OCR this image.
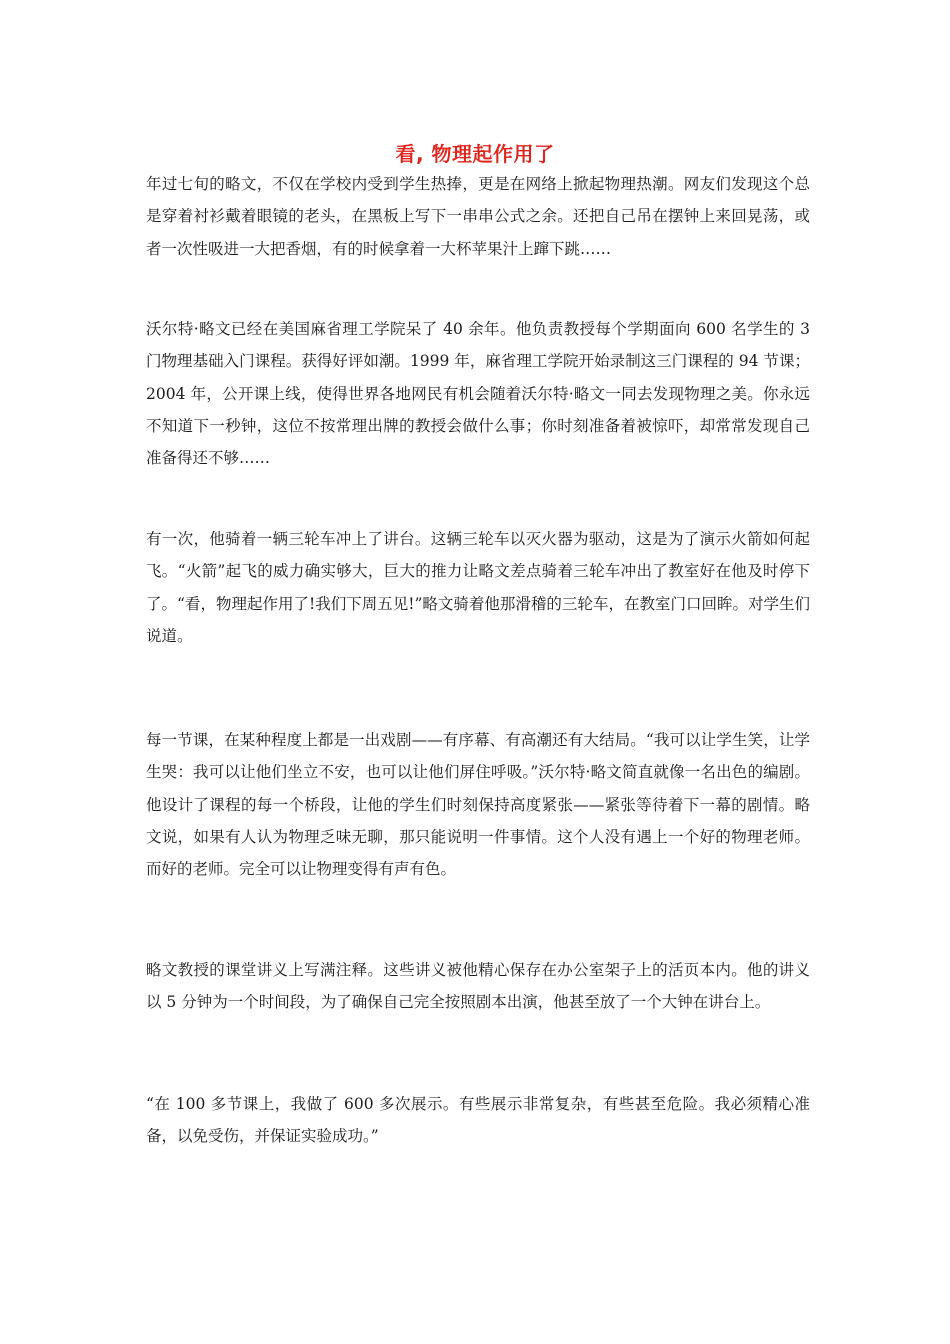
看, 物理起作用了

年过七旬的略文，不仅在学校内受到学生热捧，更是在网络上掀起物理热潮。网友们发现这个总是穿着衬衫戴着眼镜的老头，在黑板上写下一串串公式之余。还把自己吊在摆钟上来回晃荡，或者一次性吸进一大把香烟，有的时候拿着一大杯苹果汁上蹿下跳……

沃尔特·略文已经在美国麻省理工学院呆了 40 余年。他负责教授每个学期面向 600 名学生的 3 门物理基础入门课程。获得好评如潮。1999 年，麻省理工学院开始录制这三门课程的 94 节课；2004 年，公开课上线，使得世界各地网民有机会随着沃尔特·略文一同去发现物理之美。你永远不知道下一秒钟，这位不按常理出牌的教授会做什么事；你时刻准备着被惊吓，却常常发现自己准备得还不够……

有一次，他骑着一辆三轮车冲上了讲台。这辆三轮车以灭火器为驱动，这是为了演示火箭如何起飞。“火箭”起飞的威力确实够大，巨大的推力让略文差点骑着三轮车冲出了教室好在他及时停下了。“看，物理起作用了!我们下周五见!”略文骑着他那滑稽的三轮车，在教室门口回眸。对学生们说道。

每一节课，在某种程度上都是一出戏剧——有序幕、有高潮还有大结局。“我可以让学生笑，让学生哭：我可以让他们坐立不安，也可以让他们屏住呼吸。”沃尔特·略文简直就像一名出色的编剧。他设计了课程的每一个桥段，让他的学生们时刻保持高度紧张——紧张等待着下一幕的剧情。略文说，如果有人认为物理乏味无聊，那只能说明一件事情。这个人没有遇上一个好的物理老师。而好的老师。完全可以让物理变得有声有色。

略文教授的课堂讲义上写满注释。这些讲义被他精心保存在办公室架子上的活页本内。他的讲义以 5 分钟为一个时间段，为了确保自己完全按照剧本出演，他甚至放了一个大钟在讲台上。

“在 100 多节课上，我做了 600 多次展示。有些展示非常复杂，有些甚至危险。我必须精心准备，以免受伤，并保证实验成功。”
